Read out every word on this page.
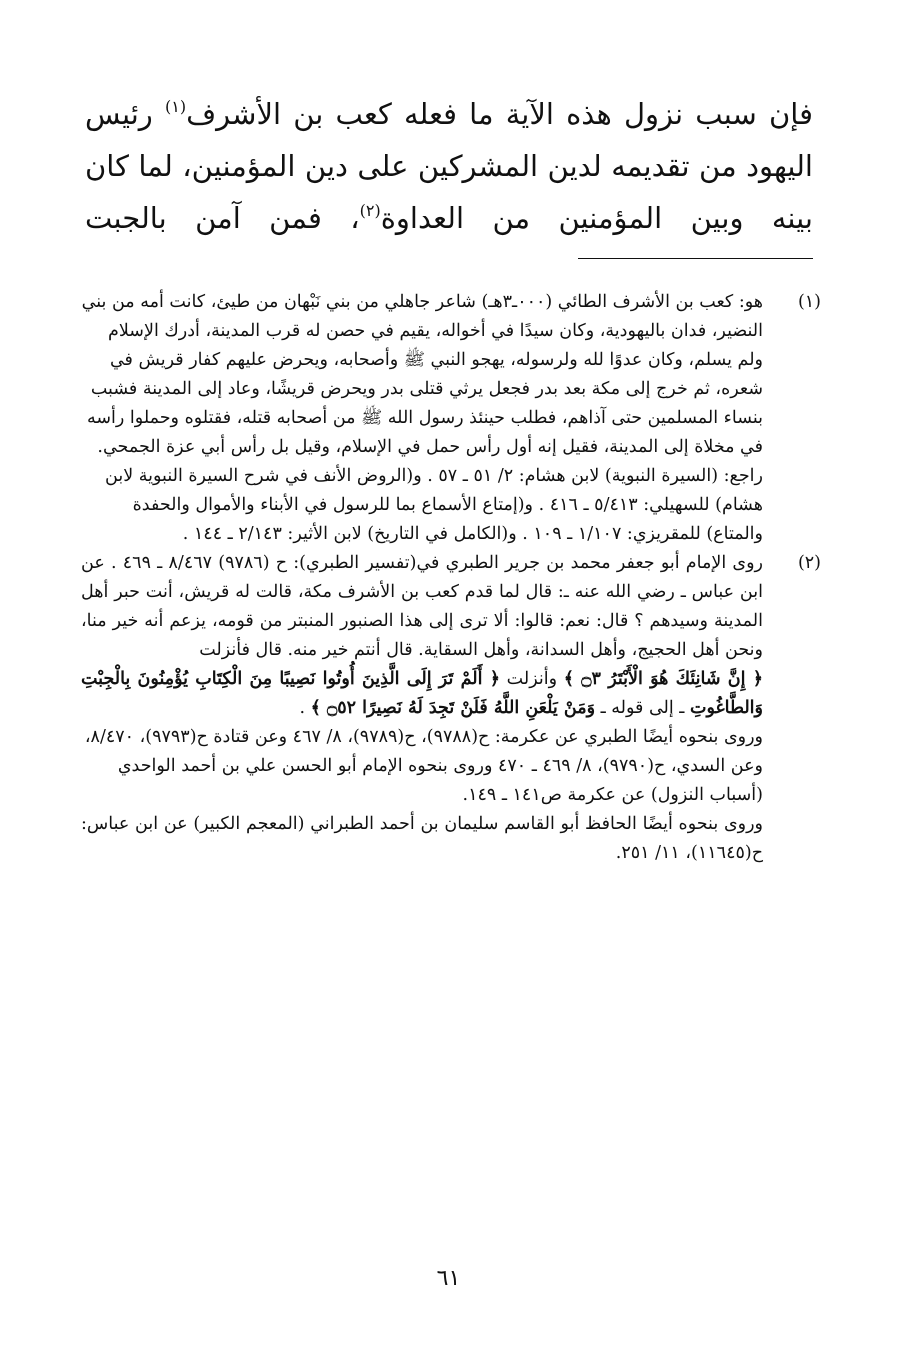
فإن سبب نزول هذه الآية ما فعله كعب بن الأشرف$^{(١)}$ رئيس اليهود من تقديمه لدين المشركين على دين المؤمنين، لما كان بينه وبين المؤمنين من العداوة$^{(٢)}$، فمن آمن بالجبت

(١)

هو: كعب بن الأشرف الطائي (٠٠٠ـ٣هـ) شاعر جاهلي من بني نَبْهان من طيئ، كانت أمه من بني النضير، فدان باليهودية، وكان سيدًا في أخواله، يقيم في حصن له قرب المدينة، أدرك الإسلام ولم يسلم، وكان عدوًا لله ولرسوله، يهجو النبي ﷺ وأصحابه، ويحرض عليهم كفار قريش في شعره، ثم خرج إلى مكة بعد بدر فجعل يرثي قتلى بدر ويحرض قريشًا، وعاد إلى المدينة فشبب بنساء المسلمين حتى آذاهم، فطلب حينئذ رسول الله ﷺ من أصحابه قتله، فقتلوه وحملوا رأسه في مخلاة إلى المدينة، فقيل إنه أول رأس حمل في الإسلام، وقيل بل رأس أبي عزة الجمحي.

راجع: (السيرة النبوية) لابن هشام: ٢/ ٥١ ـ ٥٧ . و(الروض الأنف في شرح السيرة النبوية لابن هشام) للسهيلي: ٥/٤١٣ ـ ٤١٦ . و(إمتاع الأسماع بما للرسول في الأبناء والأموال والحفدة والمتاع) للمقريزي: ١/١٠٧ ـ ١٠٩ . و(الكامل في التاريخ) لابن الأثير: ٢/١٤٣ ـ ١٤٤ .

(٢)

روى الإمام أبو جعفر محمد بن جرير الطبري في(تفسير الطبري): ح (٩٧٨٦) ٨/٤٦٧ ـ ٤٦٩ . عن ابن عباس ـ رضي الله عنه ـ: قال لما قدم كعب بن الأشرف مكة، قالت له قريش، أنت حبر أهل المدينة وسيدهم ؟ قال: نعم: قالوا: ألا ترى إلى هذا الصنبور المنبتر من قومه، يزعم أنه خير منا، ونحن أهل الحجيج، وأهل السدانة، وأهل السقاية. قال أنتم خير منه. قال فأنزلت
﴿ إِنَّ شَانِئَكَ هُوَ الْأَبْتَرُ ۝٣ ﴾ وأنزلت ﴿ أَلَمْ تَرَ إِلَى الَّذِينَ أُوتُوا نَصِيبًا مِنَ الْكِتَابِ يُؤْمِنُونَ بِالْجِبْتِ وَالطَّاغُوتِ ـ إلى قوله ـ وَمَنْ يَلْعَنِ اللَّهُ فَلَنْ تَجِدَ لَهُ نَصِيرًا ۝٥٢ ﴾ .

وروى بنحوه أيضًا الطبري عن عكرمة: ح(٩٧٨٨)، ح(٩٧٨٩)، ٨/ ٤٦٧ وعن قتادة ح(٩٧٩٣)، ٨/٤٧٠، وعن السدي، ح(٩٧٩٠)، ٨/ ٤٦٩ ـ ٤٧٠ وروى بنحوه الإمام أبو الحسن علي بن أحمد الواحدي (أسباب النزول) عن عكرمة ص١٤١ ـ ١٤٩.

وروى بنحوه أيضًا الحافظ أبو القاسم سليمان بن أحمد الطبراني (المعجم الكبير) عن ابن عباس: ح(١١٦٤٥)، ١١/ ٢٥١.

٦١
